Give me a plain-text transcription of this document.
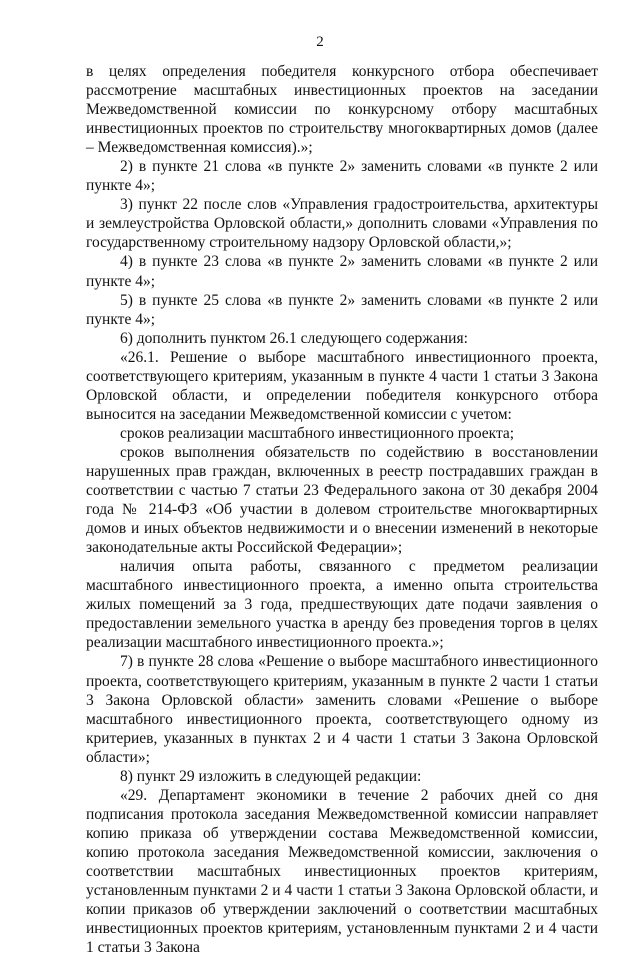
2

в целях определения победителя конкурсного отбора обеспечивает рассмотрение масштабных инвестиционных проектов на заседании Межведомственной комиссии по конкурсному отбору масштабных инвестиционных проектов по строительству многоквартирных домов (далее – Межведомственная комиссия).»;

2) в пункте 21 слова «в пункте 2» заменить словами «в пункте 2 или пункте 4»;

3) пункт 22 после слов «Управления градостроительства, архитектуры и землеустройства Орловской области,» дополнить словами «Управления по государственному строительному надзору Орловской области,»;

4) в пункте 23 слова «в пункте 2» заменить словами «в пункте 2 или пункте 4»;

5) в пункте 25 слова «в пункте 2» заменить словами «в пункте 2 или пункте 4»;

6) дополнить пунктом 26.1 следующего содержания:

«26.1. Решение о выборе масштабного инвестиционного проекта, соответствующего критериям, указанным в пункте 4 части 1 статьи 3 Закона Орловской области, и определении победителя конкурсного отбора выносится на заседании Межведомственной комиссии с учетом:

сроков реализации масштабного инвестиционного проекта;

сроков выполнения обязательств по содействию в восстановлении нарушенных прав граждан, включенных в реестр пострадавших граждан в соответствии с частью 7 статьи 23 Федерального закона от 30 декабря 2004 года № 214-ФЗ «Об участии в долевом строительстве многоквартирных домов и иных объектов недвижимости и о внесении изменений в некоторые законодательные акты Российской Федерации»;

наличия опыта работы, связанного с предметом реализации масштабного инвестиционного проекта, а именно опыта строительства жилых помещений за 3 года, предшествующих дате подачи заявления о предоставлении земельного участка в аренду без проведения торгов в целях реализации масштабного инвестиционного проекта.»;

7) в пункте 28 слова «Решение о выборе масштабного инвестиционного проекта, соответствующего критериям, указанным в пункте 2 части 1 статьи 3 Закона Орловской области» заменить словами «Решение о выборе масштабного инвестиционного проекта, соответствующего одному из критериев, указанных в пунктах 2 и 4 части 1 статьи 3 Закона Орловской области»;

8) пункт 29 изложить в следующей редакции:

«29. Департамент экономики в течение 2 рабочих дней со дня подписания протокола заседания Межведомственной комиссии направляет копию приказа об утверждении состава Межведомственной комиссии, копию протокола заседания Межведомственной комиссии, заключения о соответствии масштабных инвестиционных проектов критериям, установленным пунктами 2 и 4 части 1 статьи 3 Закона Орловской области, и копии приказов об утверждении заключений о соответствии масштабных инвестиционных проектов критериям, установленным пунктами 2 и 4 части 1 статьи 3 Закона
